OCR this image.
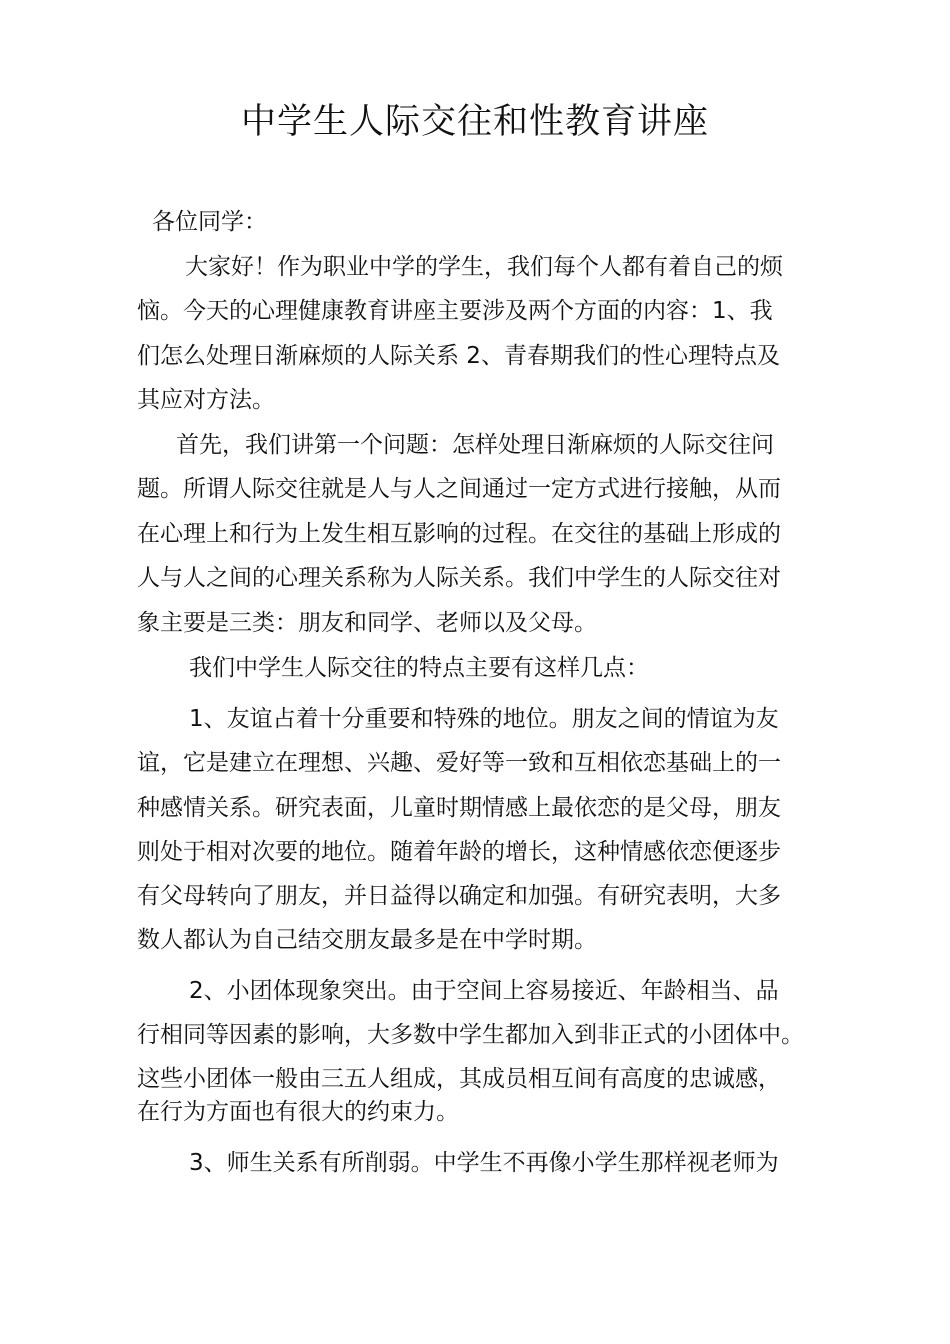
中学生人际交往和性教育讲座
各位同学：
大家好！作为职业中学的学生，我们每个人都有着自己的烦
恼。今天的心理健康教育讲座主要涉及两个方面的内容：1、我
们怎么处理日渐麻烦的人际关系 2、青春期我们的性心理特点及
其应对方法。
首先，我们讲第一个问题：怎样处理日渐麻烦的人际交往问
题。所谓人际交往就是人与人之间通过一定方式进行接触，从而
在心理上和行为上发生相互影响的过程。在交往的基础上形成的
人与人之间的心理关系称为人际关系。我们中学生的人际交往对
象主要是三类：朋友和同学、老师以及父母。
我们中学生人际交往的特点主要有这样几点：
1、友谊占着十分重要和特殊的地位。朋友之间的情谊为友
谊，它是建立在理想、兴趣、爱好等一致和互相依恋基础上的一
种感情关系。研究表面，儿童时期情感上最依恋的是父母，朋友
则处于相对次要的地位。随着年龄的增长，这种情感依恋便逐步
有父母转向了朋友，并日益得以确定和加强。有研究表明，大多
数人都认为自己结交朋友最多是在中学时期。
2、小团体现象突出。由于空间上容易接近、年龄相当、品
行相同等因素的影响，大多数中学生都加入到非正式的小团体中。
这些小团体一般由三五人组成，其成员相互间有高度的忠诚感，
在行为方面也有很大的约束力。
3、师生关系有所削弱。中学生不再像小学生那样视老师为
